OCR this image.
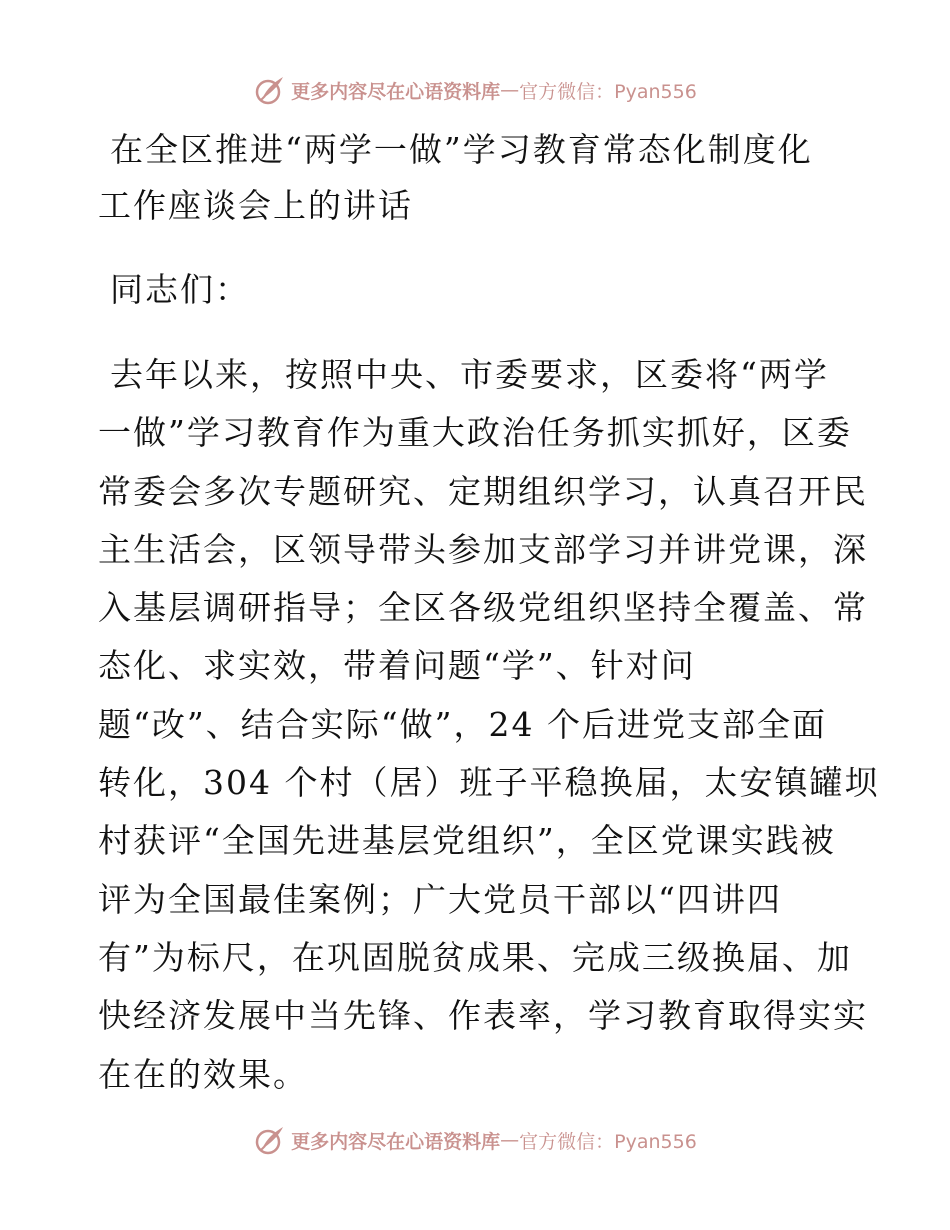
更多内容尽在心语资料库 — 官方微信：Pyan556
在全区推进“两学一做”学习教育常态化制度化
工作座谈会上的讲话
同志们：
去年以来，按照中央、市委要求，区委将“两学
一做”学习教育作为重大政治任务抓实抓好，区委
常委会多次专题研究、定期组织学习，认真召开民
主生活会，区领导带头参加支部学习并讲党课，深
入基层调研指导；全区各级党组织坚持全覆盖、常
态化、求实效，带着问题“学”、针对问
题“改”、结合实际“做”，24 个后进党支部全面
转化，304 个村（居）班子平稳换届，太安镇罐坝
村获评“全国先进基层党组织”，全区党课实践被
评为全国最佳案例；广大党员干部以“四讲四
有”为标尺，在巩固脱贫成果、完成三级换届、加
快经济发展中当先锋、作表率，学习教育取得实实
在在的效果。
更多内容尽在心语资料库 — 官方微信：Pyan556
